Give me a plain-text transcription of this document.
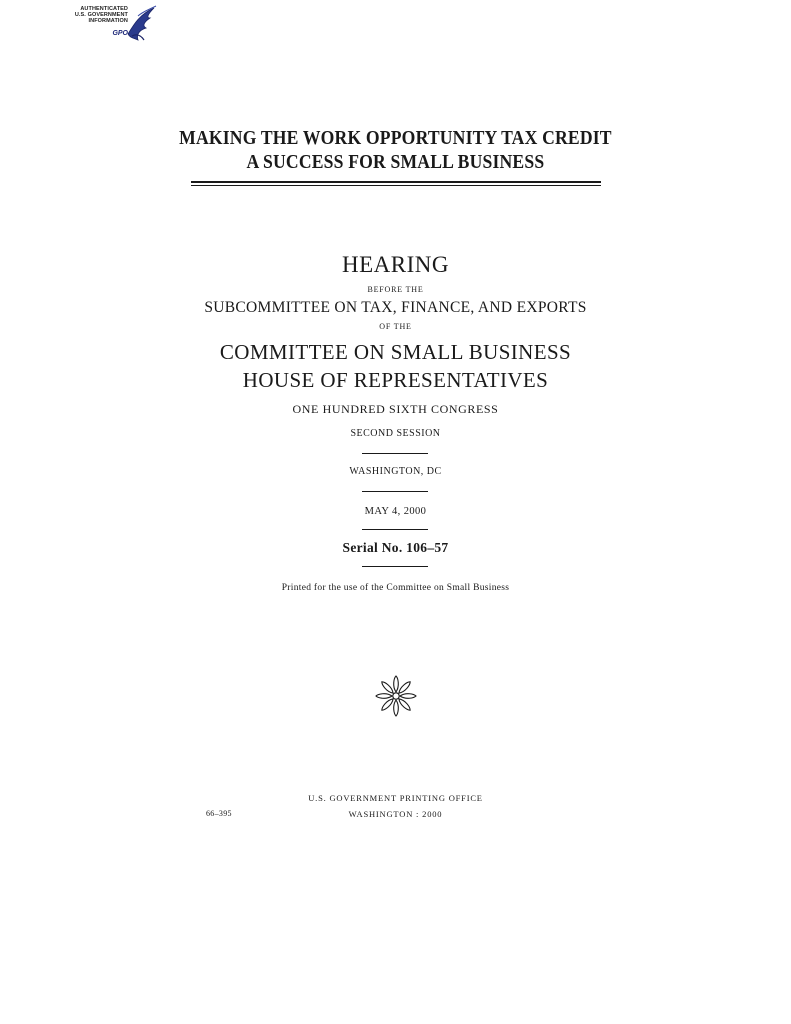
AUTHENTICATED
U.S. GOVERNMENT
INFORMATION
GPO
MAKING THE WORK OPPORTUNITY TAX CREDIT
A SUCCESS FOR SMALL BUSINESS
HEARING
BEFORE THE
SUBCOMMITTEE ON TAX, FINANCE, AND EXPORTS
OF THE
COMMITTEE ON SMALL BUSINESS
HOUSE OF REPRESENTATIVES
ONE HUNDRED SIXTH CONGRESS
SECOND SESSION
WASHINGTON, DC
MAY 4, 2000
Serial No. 106–57
Printed for the use of the Committee on Small Business
U.S. GOVERNMENT PRINTING OFFICE
66–395	WASHINGTON : 2000
